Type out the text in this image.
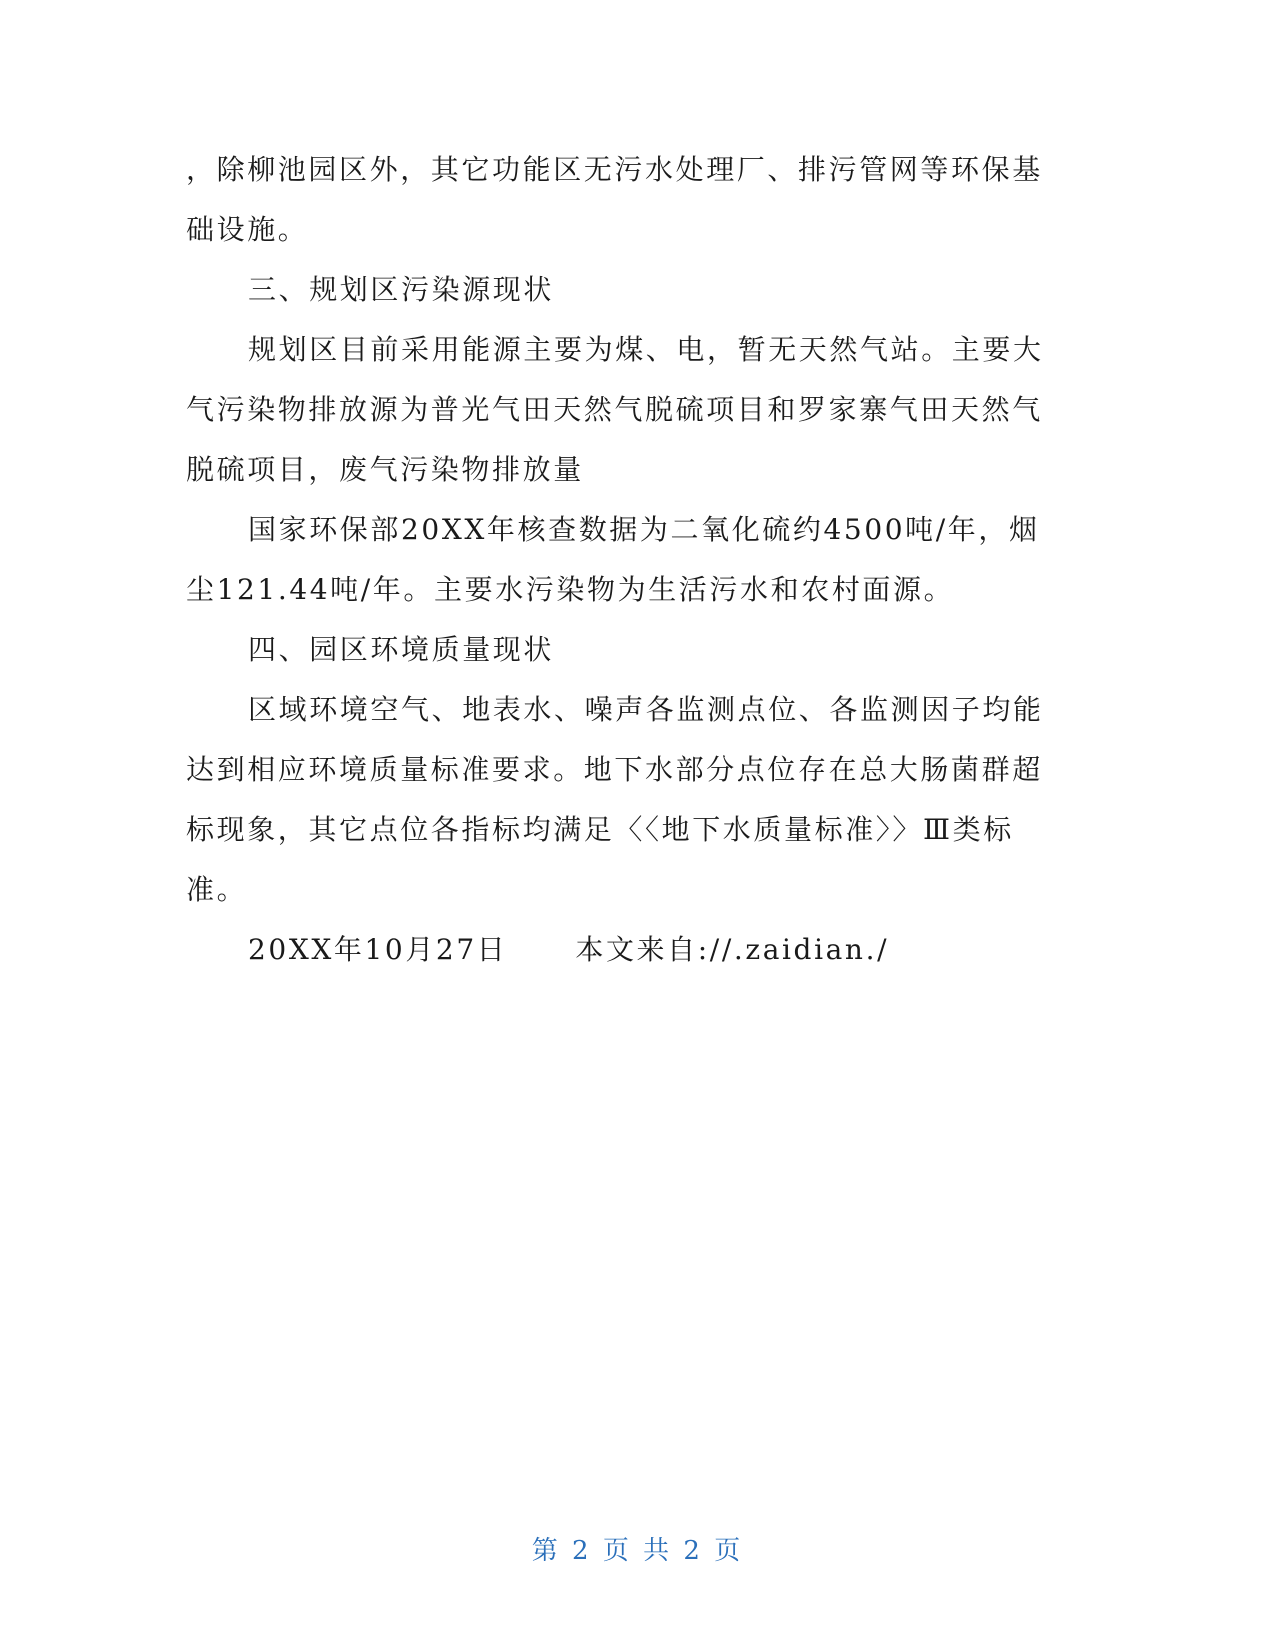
，除柳池园区外，其它功能区无污水处理厂、排污管网等环保基础设施。

三、规划区污染源现状

规划区目前采用能源主要为煤、电，暂无天然气站。主要大气污染物排放源为普光气田天然气脱硫项目和罗家寨气田天然气脱硫项目，废气污染物排放量

国家环保部20XX年核查数据为二氧化硫约4500吨/年，烟尘121.44吨/年。主要水污染物为生活污水和农村面源。

四、园区环境质量现状

区域环境空气、地表水、噪声各监测点位、各监测因子均能达到相应环境质量标准要求。地下水部分点位存在总大肠菌群超标现象，其它点位各指标均满足〈〈地下水质量标准〉〉Ⅲ类标准。

20XX年10月27日 本文来自://.zaidian./
第 2 页 共 2 页
